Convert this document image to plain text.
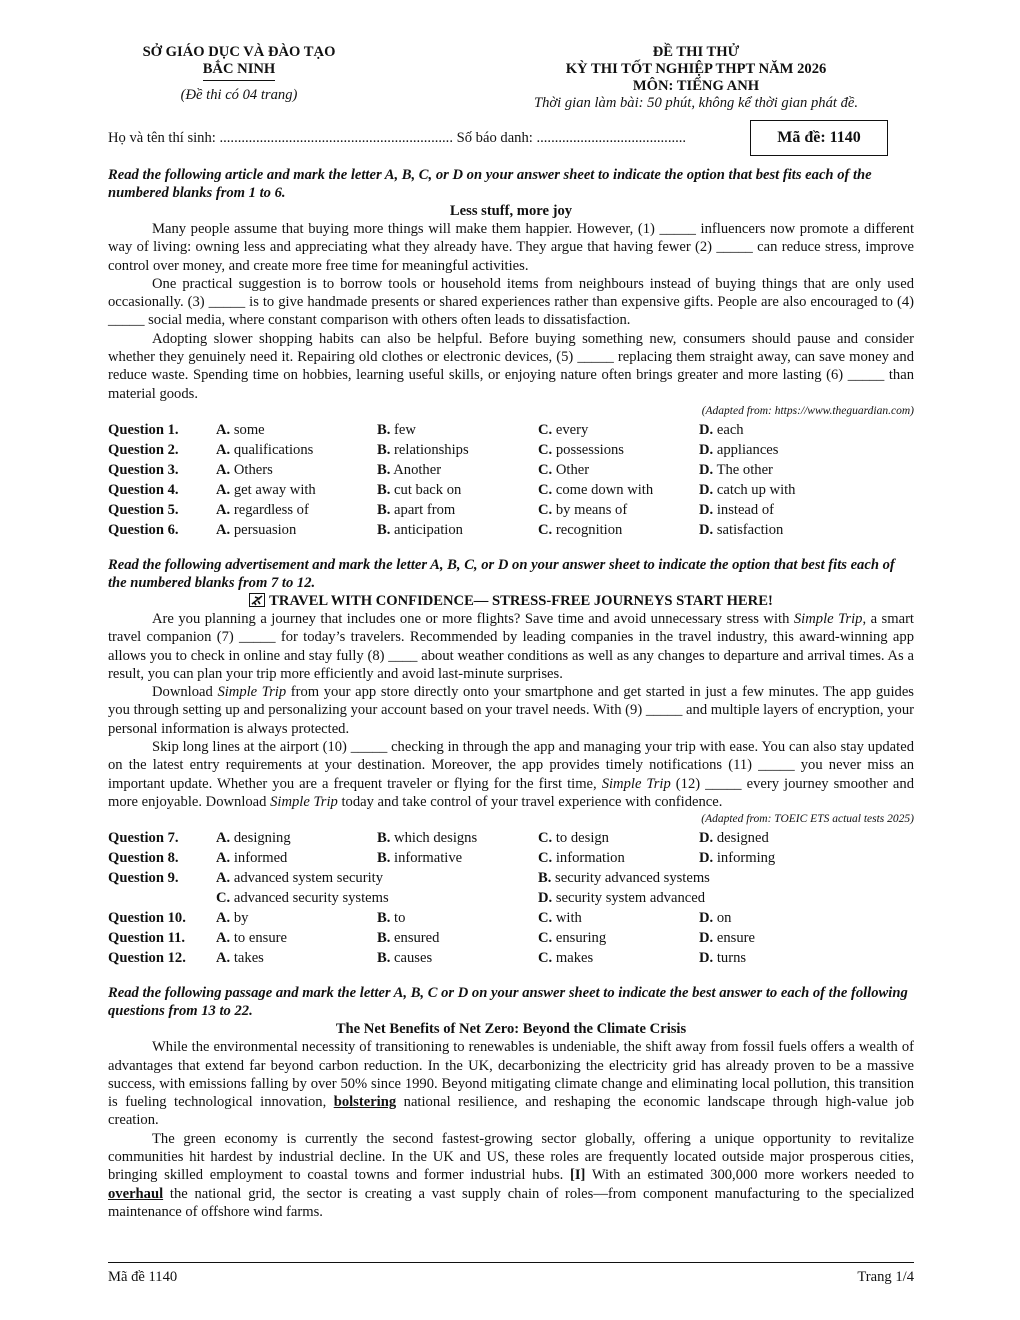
SỞ GIÁO DỤC VÀ ĐÀO TẠO
BẮC NINH
(Đề thi có 04 trang)
ĐỀ THI THỬ
KỲ THI TỐT NGHIỆP THPT NĂM 2026
MÔN: TIẾNG ANH
Thời gian làm bài: 50 phút, không kể thời gian phát đề.
Họ và tên thí sinh: ................................................................ Số báo danh: .........................................	Mã đề: 1140
Read the following article and mark the letter A, B, C, or D on your answer sheet to indicate the option that best fits each of the numbered blanks from 1 to 6.
Less stuff, more joy

Many people assume that buying more things will make them happier. However, (1) _____ influencers now promote a different way of living: owning less and appreciating what they already have. They argue that having fewer (2) _____ can reduce stress, improve control over money, and create more free time for meaningful activities.

One practical suggestion is to borrow tools or household items from neighbours instead of buying things that are only used occasionally. (3) _____ is to give handmade presents or shared experiences rather than expensive gifts. People are also encouraged to (4) _____ social media, where constant comparison with others often leads to dissatisfaction.

Adopting slower shopping habits can also be helpful. Before buying something new, consumers should pause and consider whether they genuinely need it. Repairing old clothes or electronic devices, (5) _____ replacing them straight away, can save money and reduce waste. Spending time on hobbies, learning useful skills, or enjoying nature often brings greater and more lasting (6) _____ than material goods.

(Adapted from: https://www.theguardian.com)
Question 1.	A. some	B. few	C. every	D. each
Question 2.	A. qualifications	B. relationships	C. possessions	D. appliances
Question 3.	A. Others	B. Another	C. Other	D. The other
Question 4.	A. get away with	B. cut back on	C. come down with	D. catch up with
Question 5.	A. regardless of	B. apart from	C. by means of	D. instead of
Question 6.	A. persuasion	B. anticipation	C. recognition	D. satisfaction
Read the following advertisement and mark the letter A, B, C, or D on your answer sheet to indicate the option that best fits each of the numbered blanks from 7 to 12.
TRAVEL WITH CONFIDENCE— STRESS-FREE JOURNEYS START HERE!

Are you planning a journey that includes one or more flights? Save time and avoid unnecessary stress with Simple Trip, a smart travel companion (7) _____ for today’s travelers. Recommended by leading companies in the travel industry, this award-winning app allows you to check in online and stay fully (8) ____ about weather conditions as well as any changes to departure and arrival times. As a result, you can plan your trip more efficiently and avoid last-minute surprises.

Download Simple Trip from your app store directly onto your smartphone and get started in just a few minutes. The app guides you through setting up and personalizing your account based on your travel needs. With (9) _____ and multiple layers of encryption, your personal information is always protected.

Skip long lines at the airport (10) _____ checking in through the app and managing your trip with ease. You can also stay updated on the latest entry requirements at your destination. Moreover, the app provides timely notifications (11) _____ you never miss an important update. Whether you are a frequent traveler or flying for the first time, Simple Trip (12) _____ every journey smoother and more enjoyable. Download Simple Trip today and take control of your travel experience with confidence.

(Adapted from: TOEIC ETS actual tests 2025)
Question 7.	A. designing	B. which designs	C. to design	D. designed
Question 8.	A. informed	B. informative	C. information	D. informing
Question 9.	A. advanced system security		B. security advanced systems	
	C. advanced security systems		D. security system advanced	
Question 10.	A. by	B. to	C. with	D. on
Question 11.	A. to ensure	B. ensured	C. ensuring	D. ensure
Question 12.	A. takes	B. causes	C. makes	D. turns
Read the following passage and mark the letter A, B, C or D on your answer sheet to indicate the best answer to each of the following questions from 13 to 22.
The Net Benefits of Net Zero: Beyond the Climate Crisis

While the environmental necessity of transitioning to renewables is undeniable, the shift away from fossil fuels offers a wealth of advantages that extend far beyond carbon reduction. In the UK, decarbonizing the electricity grid has already proven to be a massive success, with emissions falling by over 50% since 1990. Beyond mitigating climate change and eliminating local pollution, this transition is fueling technological innovation, bolstering national resilience, and reshaping the economic landscape through high-value job creation.

The green economy is currently the second fastest-growing sector globally, offering a unique opportunity to revitalize communities hit hardest by industrial decline. In the UK and US, these roles are frequently located outside major prosperous cities, bringing skilled employment to coastal towns and former industrial hubs. [I] With an estimated 300,000 more workers needed to overhaul the national grid, the sector is creating a vast supply chain of roles—from component manufacturing to the specialized maintenance of offshore wind farms.

Mã đề 1140	Trang 1/4
